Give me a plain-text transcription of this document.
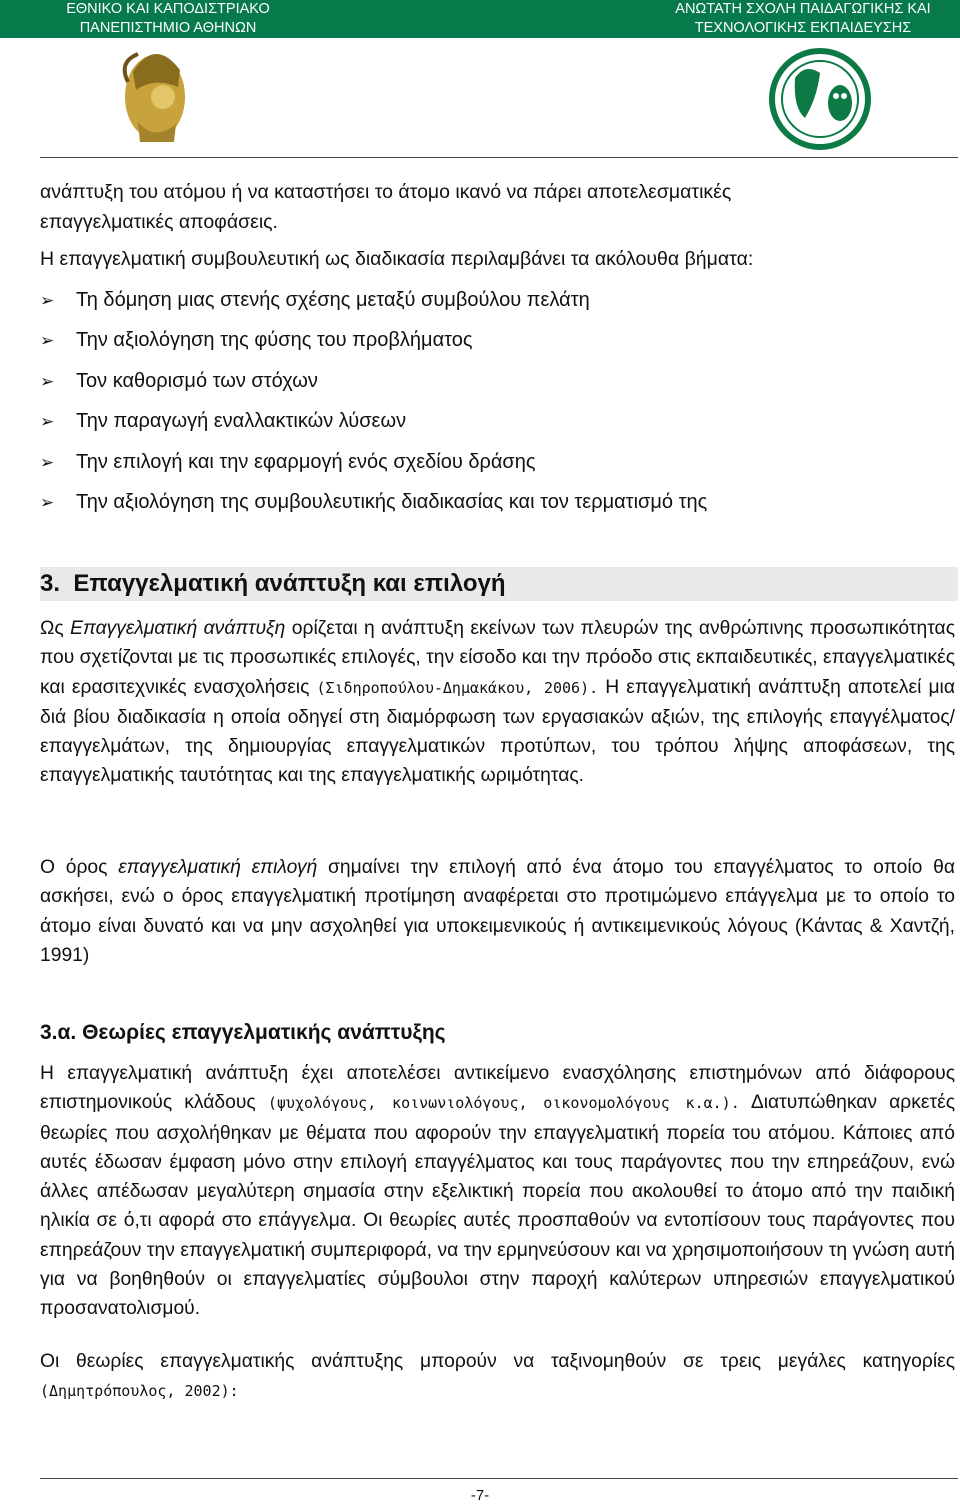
ΕΘΝΙΚΟ ΚΑΙ ΚΑΠΟΔΙΣΤΡΙΑΚΟ
ΠΑΝΕΠΙΣΤΗΜΙΟ ΑΘΗΝΩΝ
ΑΝΩΤΑΤΗ ΣΧΟΛΗ ΠΑΙΔΑΓΩΓΙΚΗΣ ΚΑΙ
ΤΕΧΝΟΛΟΓΙΚΗΣ ΕΚΠΑΙΔΕΥΣΗΣ
ανάπτυξη του ατόμου ή να καταστήσει το άτομο ικανό να πάρει αποτελεσματικές
επαγγελματικές αποφάσεις.
Η επαγγελματική συμβουλευτική ως διαδικασία περιλαμβάνει τα ακόλουθα βήματα:
➢ Τη δόμηση μιας στενής σχέσης μεταξύ συμβούλου πελάτη
➢ Την αξιολόγηση της φύσης του προβλήματος
➢ Τον καθορισμό των στόχων
➢ Την παραγωγή εναλλακτικών λύσεων
➢ Την επιλογή και την εφαρμογή ενός σχεδίου δράσης
➢ Την αξιολόγηση της συμβουλευτικής διαδικασίας και τον τερματισμό της
3. Επαγγελματική ανάπτυξη και επιλογή
Ως Επαγγελματική ανάπτυξη ορίζεται η ανάπτυξη εκείνων των πλευρών της ανθρώπινης προσωπικότητας που σχετίζονται με τις προσωπικές επιλογές, την είσοδο και την πρόοδο στις εκπαιδευτικές, επαγγελματικές και ερασιτεχνικές ενασχολήσεις (Σιδηροπούλου-Δημακάκου, 2006). Η επαγγελματική ανάπτυξη αποτελεί μια διά βίου διαδικασία η οποία οδηγεί στη διαμόρφωση των εργασιακών αξιών, της επιλογής επαγγέλματος/ επαγγελμάτων, της δημιουργίας επαγγελματικών προτύπων, του τρόπου λήψης αποφάσεων, της επαγγελματικής ταυτότητας και της επαγγελματικής ωριμότητας.
Ο όρος επαγγελματική επιλογή σημαίνει την επιλογή από ένα άτομο του επαγγέλματος το οποίο θα ασκήσει, ενώ ο όρος επαγγελματική προτίμηση αναφέρεται στο προτιμώμενο επάγγελμα με το οποίο το άτομο είναι δυνατό και να μην ασχοληθεί για υποκειμενικούς ή αντικειμενικούς λόγους (Κάντας & Χαντζή, 1991)
3.α. Θεωρίες επαγγελματικής ανάπτυξης
Η επαγγελματική ανάπτυξη έχει αποτελέσει αντικείμενο ενασχόλησης επιστημόνων από διάφορους επιστημονικούς κλάδους (ψυχολόγους, κοινωνιολόγους, οικονομολόγους κ.α.). Διατυπώθηκαν αρκετές θεωρίες που ασχολήθηκαν με θέματα που αφορούν την επαγγελματική πορεία του ατόμου. Κάποιες από αυτές έδωσαν έμφαση μόνο στην επιλογή επαγγέλματος και τους παράγοντες που την επηρεάζουν, ενώ άλλες απέδωσαν μεγαλύτερη σημασία στην εξελικτική πορεία που ακολουθεί το άτομο από την παιδική ηλικία σε ό,τι αφορά στο επάγγελμα. Οι θεωρίες αυτές προσπαθούν να εντοπίσουν τους παράγοντες που επηρεάζουν την επαγγελματική συμπεριφορά, να την ερμηνεύσουν και να χρησιμοποιήσουν τη γνώση αυτή για να βοηθηθούν οι επαγγελματίες σύμβουλοι στην παροχή καλύτερων υπηρεσιών επαγγελματικού προσανατολισμού.
Οι θεωρίες επαγγελματικής ανάπτυξης μπορούν να ταξινομηθούν σε τρεις μεγάλες κατηγορίες (Δημητρόπουλος, 2002):
-7-
